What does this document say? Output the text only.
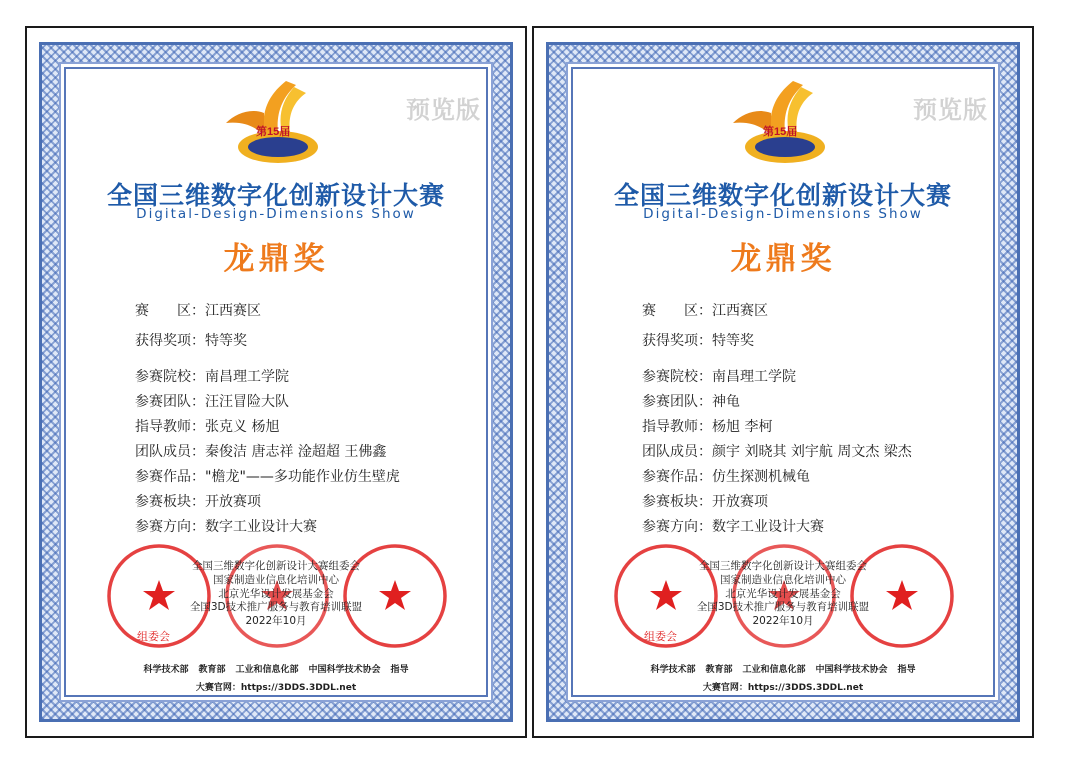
预览版
第15届
全国三维数字化创新设计大赛
Digital-Design-Dimensions Show
龙鼎奖
赛　　区：江西赛区
获得奖项：特等奖
参赛院校：南昌理工学院
参赛团队：汪汪冒险大队
指导教师：张克义 杨旭
团队成员：秦俊洁 唐志祥 淦超超 王佛鑫
参赛作品："檐龙"——多功能作业仿生壁虎
参赛板块：开放赛项
参赛方向：数字工业设计大赛
组委会
全国三维数字化创新设计大赛组委会
国家制造业信息化培训中心
北京光华设计发展基金会
全国3D技术推广服务与教育培训联盟
2022年10月
科学技术部 教育部 工业和信息化部 中国科学技术协会 指导
大赛官网：https://3DDS.3DDL.net
预览版
第15届
全国三维数字化创新设计大赛
Digital-Design-Dimensions Show
龙鼎奖
赛　　区：江西赛区
获得奖项：特等奖
参赛院校：南昌理工学院
参赛团队：神龟
指导教师：杨旭 李柯
团队成员：颜宇 刘晓其 刘宇航 周文杰 梁杰
参赛作品：仿生探测机械龟
参赛板块：开放赛项
参赛方向：数字工业设计大赛
组委会
全国三维数字化创新设计大赛组委会
国家制造业信息化培训中心
北京光华设计发展基金会
全国3D技术推广服务与教育培训联盟
2022年10月
科学技术部 教育部 工业和信息化部 中国科学技术协会 指导
大赛官网：https://3DDS.3DDL.net
